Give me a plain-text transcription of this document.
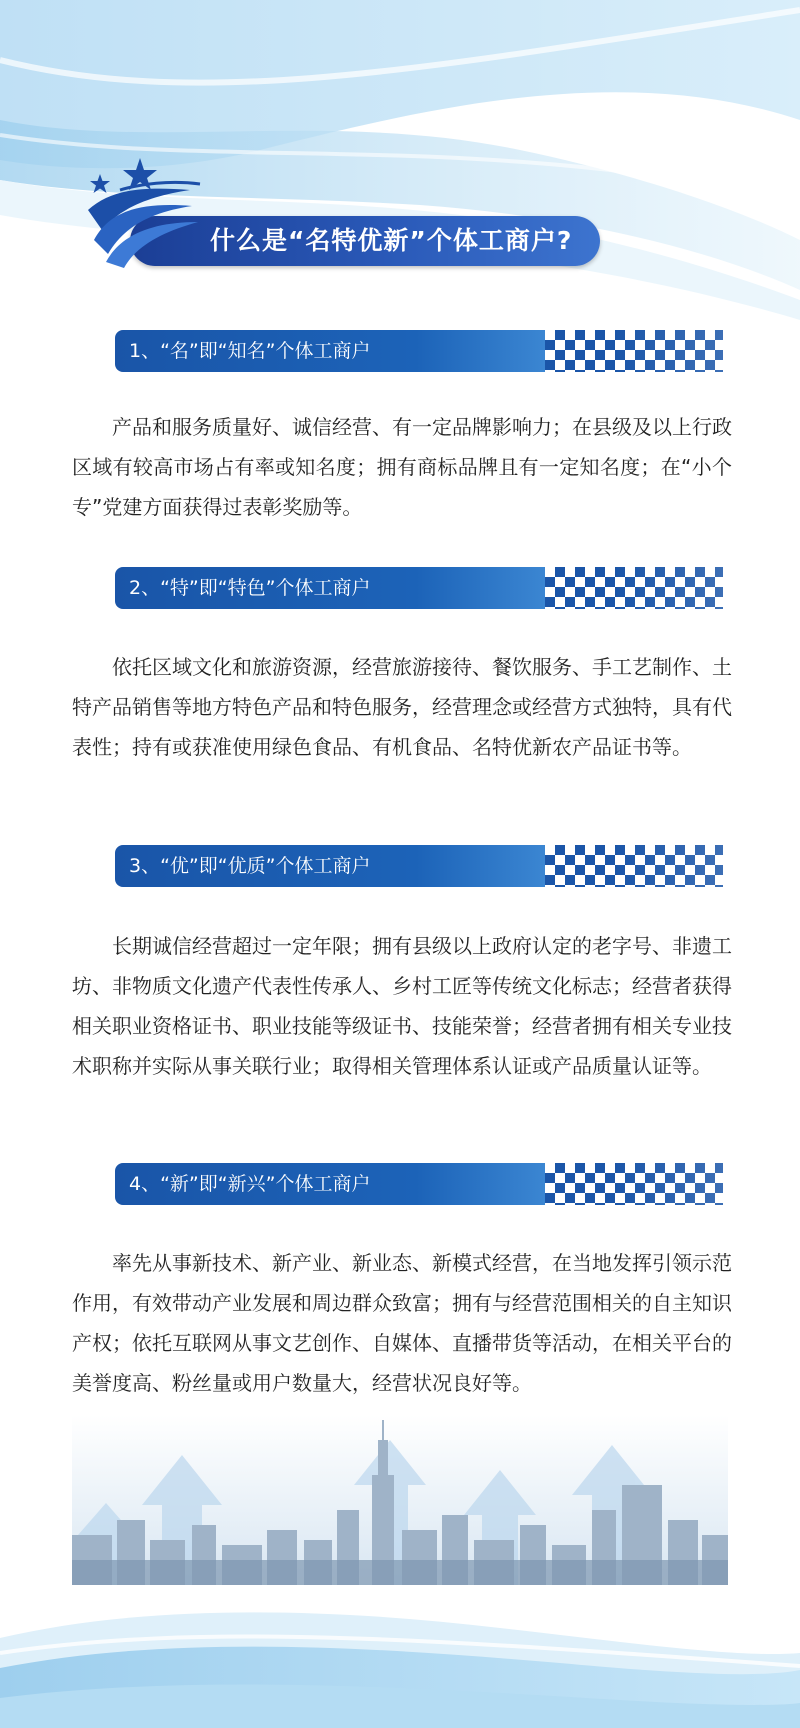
什么是“名特优新”个体工商户?
1、“名”即“知名”个体工商户

产品和服务质量好、诚信经营、有一定品牌影响力；在县级及以上行政区域有较高市场占有率或知名度；拥有商标品牌且有一定知名度；在“小个专”党建方面获得过表彰奖励等。

2、“特”即“特色”个体工商户

依托区域文化和旅游资源，经营旅游接待、餐饮服务、手工艺制作、土特产品销售等地方特色产品和特色服务，经营理念或经营方式独特，具有代表性；持有或获准使用绿色食品、有机食品、名特优新农产品证书等。

3、“优”即“优质”个体工商户

长期诚信经营超过一定年限；拥有县级以上政府认定的老字号、非遗工坊、非物质文化遗产代表性传承人、乡村工匠等传统文化标志；经营者获得相关职业资格证书、职业技能等级证书、技能荣誉；经营者拥有相关专业技术职称并实际从事关联行业；取得相关管理体系认证或产品质量认证等。

4、“新”即“新兴”个体工商户

率先从事新技术、新产业、新业态、新模式经营，在当地发挥引领示范作用，有效带动产业发展和周边群众致富；拥有与经营范围相关的自主知识产权；依托互联网从事文艺创作、自媒体、直播带货等活动，在相关平台的美誉度高、粉丝量或用户数量大，经营状况良好等。
